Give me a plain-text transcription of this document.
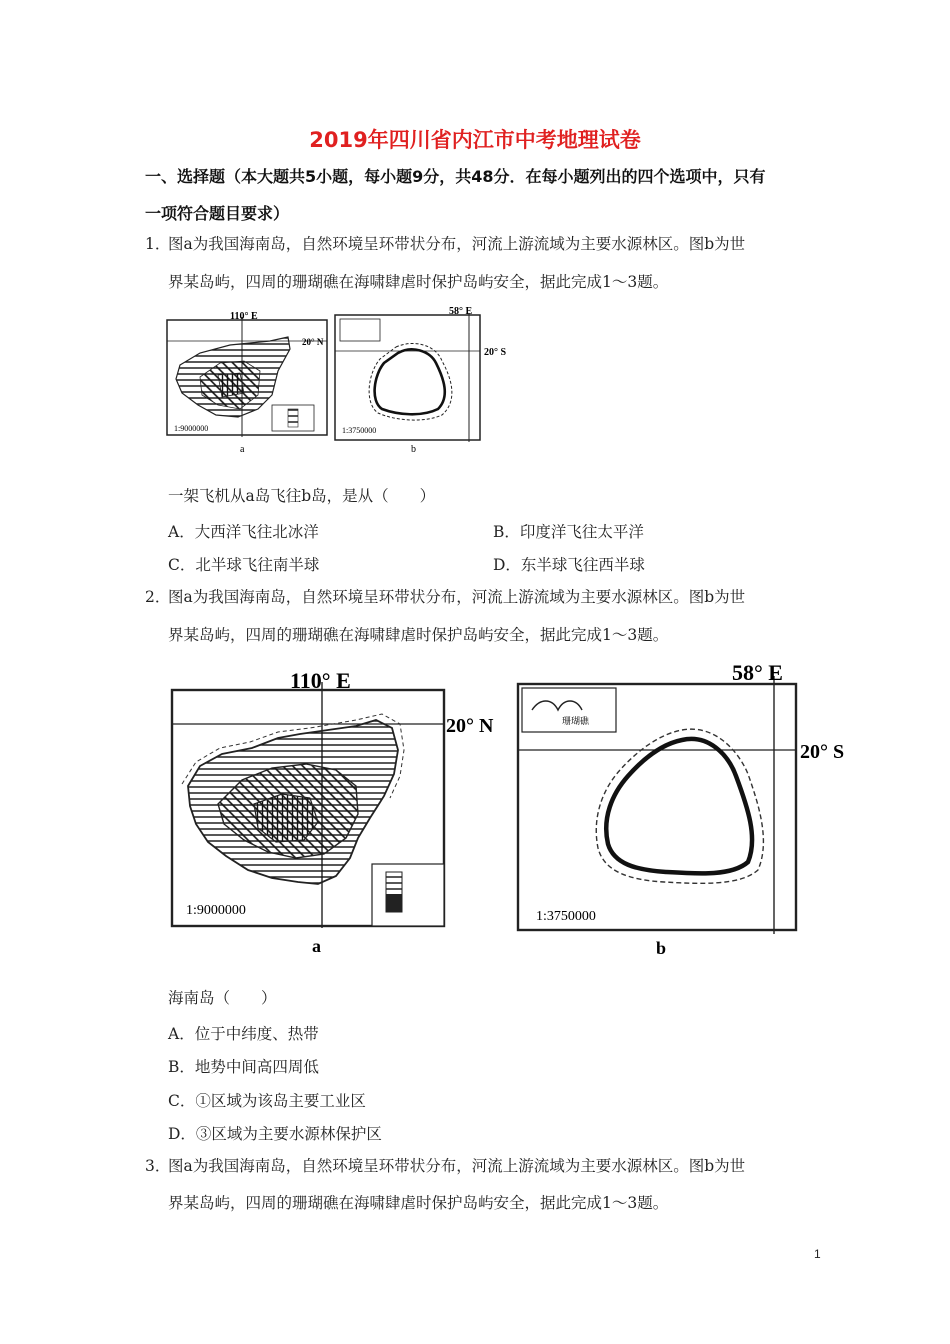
2019年四川省内江市中考地理试卷
一、选择题（本大题共5小题，每小题9分，共48分．在每小题列出的四个选项中，只有
一项符合题目要求）
1．
图a为我国海南岛，自然环境呈环带状分布，河流上游流域为主要水源林区。图b为世
界某岛屿，四周的珊瑚礁在海啸肆虐时保护岛屿安全，据此完成1～3题。
110° E
20° N
1:9000000
a
58° E
20° S
1:3750000
b
一架飞机从a岛飞往b岛，是从（　　）
A．大西洋飞往北冰洋	B．印度洋飞往太平洋
C．北半球飞往南半球	D．东半球飞往西半球
2．
图a为我国海南岛，自然环境呈环带状分布，河流上游流域为主要水源林区。图b为世
界某岛屿，四周的珊瑚礁在海啸肆虐时保护岛屿安全，据此完成1～3题。
110° E
20° N
1:9000000
a
58° E
20° S
珊瑚礁
1:3750000
b
海南岛（　　）
A．位于中纬度、热带
B．地势中间高四周低
C．①区域为该岛主要工业区
D．③区域为主要水源林保护区
3．
图a为我国海南岛，自然环境呈环带状分布，河流上游流域为主要水源林区。图b为世
界某岛屿，四周的珊瑚礁在海啸肆虐时保护岛屿安全，据此完成1～3题。
1
